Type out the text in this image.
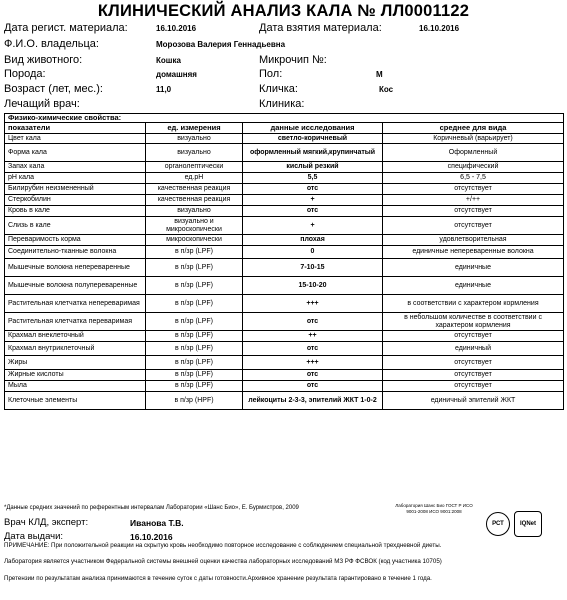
КЛИНИЧЕСКИЙ АНАЛИЗ КАЛА № ЛЛ0001122
Дата регист. материала:	16.10.2016	Дата взятия материала:	16.10.2016
Ф.И.О. владельца:	Морозова Валерия Геннадьевна
Вид животного:	Кошка	Микрочип №:
Порода:	домашняя	Пол:	М
Возраст (лет, мес.):	11,0	Кличка:	Кос
Лечащий врач:	Клиника:
Физико-химические свойства:			
показатели	ед. измерения	данные исследования	среднее для вида
Цвет кала	визуально	светло-коричневый	Коричневый (варьирует)
Форма кала	визуально	оформленный мягкий,крупинчатый	Оформленный
Запах кала	органолептически	кислый резкий	специфический
pH кала	ед.pH	5,5	6,5 - 7,5
Билирубин неизмененный	качественная реакция	отс	отсутствует
Стеркобилин	качественная реакция	+	+/++
Кровь в кале	визуально	отс	отсутствует
Слизь в кале	визуально и микроскопически	+	отсутствует
Переваримость корма	микроскопически	плохая	удовлетворительная
Соединительно-тканные волокна	в п/зр (LPF)	0	единичные непереваренные волокна
Мышечные волокна непереваренные	в п/зр (LPF)	7-10-15	единичные
Мышечные волокна полупереваренные	в п/зр (LPF)	15-10-20	единичные
Растительная клетчатка непереваримая	в п/зр (LPF)	+++	в соответствии с характером кормления
Растительная клетчатка переваримая	в п/зр (LPF)	отс	в небольшом количестве в соответствии с характером кормления
Крахмал внеклеточный	в п/зр (LPF)	++	отсутствует
Крахмал внутриклеточный	в п/зр (LPF)	отс	единичный
Жиры	в п/зр (LPF)	+++	отсутствует
Жирные кислоты	в п/зр (LPF)	отс	отсутствует
Мыла	в п/зр (LPF)	отс	отсутствует
Клеточные элементы	в п/зр (HPF)	лейкоциты 2-3-3, эпителий ЖКТ 1-0-2	единичный эпителий ЖКТ
*Данные средних значений по референтным интервалам Лаборатории «Шанс Био», Е. Бурмистров, 2009
Врач КЛД, эксперт:	Иванова Т.В.
Дата выдачи:	16.10.2016
Лаборатория Шанс Био ГОСТ Р ИСО 9001-2008 ИСО 9001:2008
РСТ	IQNet
ПРИМЕЧАНИЕ: При положительной реакции на скрытую кровь необходимо повторное исследование с соблюдением специальной трехдневной диеты.
Лаборатория является участником Федеральной системы внешней оценки качества лабораторных исследований МЗ РФ ФСВОК (код участника 10705)
Претензии по результатам анализа принимаются в течение суток с даты готовности.Архивное хранение результата гарантировано в течение 1 года.
